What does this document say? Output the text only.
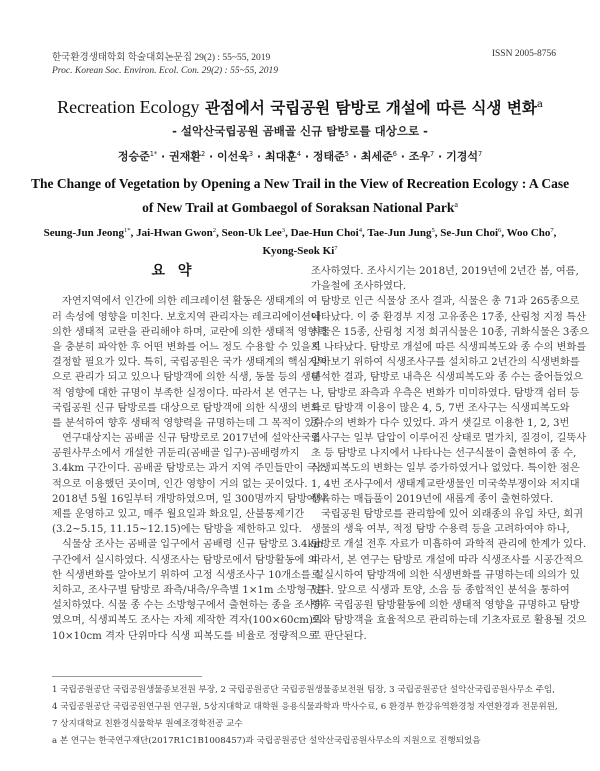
한국환경생태학회 학술대회논문집 29(2) : 55~55, 2019
Proc. Korean Soc. Environ. Ecol. Con. 29(2) : 55~55, 2019
ISSN 2005-8756
Recreation Ecology 관점에서 국립공원 탐방로 개설에 따른 식생 변화$^a$
- 설악산국립공원 곰배골 신규 탐방로를 대상으로 -
정승준$^{1*}$ · 권재환$^2$ · 이선욱$^3$ · 최대훈$^4$ · 정태준$^5$ · 최세준$^6$ · 조우$^7$ · 기경석$^7$
The Change of Vegetation by Opening a New Trail in the View of Recreation Ecology : A Case
of New Trail at Gombaegol of Soraksan National Park$^a$
Seung-Jun Jeong$^{1*}$, Jai-Hwan Gwon$^2$, Seon-Uk Lee$^3$, Dae-Hun Choi$^4$, Tae-Jun Jung$^5$, Se-Jun Choi$^6$, Woo Cho$^7$,
Kyong-Seok Ki$^7$
요 약
자연지역에서 인간에 의한 레크레이션 활동은 생태계의 여
러 속성에 영향을 미친다. 보호지역 관리자는 레크리에이션에
의한 생태적 교란을 관리해야 하며, 교란에 의한 생태적 영향력
을 충분히 파악한 후 어떤 변화를 어느 정도 수용할 수 있을지
결정할 필요가 있다. 특히, 국립공원은 국가 생태계의 핵심지역
으로 관리가 되고 있으나 탐방객에 의한 식생, 동물 등의 생태
적 영향에 대한 규명이 부족한 실정이다. 따라서 본 연구는
국립공원 신규 탐방로를 대상으로 탐방객에 의한 식생의 변화
를 분석하여 향후 생태적 영향력을 규명하는데 그 목적이 있다.
연구대상지는 곰배골 신규 탐방로로 2017년에 설악산국립
공원사무소에서 개설한 귀둔리(곰배골 입구)-곰배령까지
3.4km 구간이다. 곰배골 탐방로는 과거 지역 주민들만이 극소
적으로 이용했던 곳이며, 인간 영향이 거의 없는 곳이었다.
2018년 5월 16일부터 개방하였으며, 일 300명까지 탐방예약
제를 운영하고 있고, 매주 월요일과 화요일, 산불통제기간
(3.2~5.15, 11.15~12.15)에는 탐방을 제한하고 있다.
식물상 조사는 곰배골 입구에서 곰배령 신규 탐방로 3.4km
구간에서 실시하였다. 식생조사는 탐방로에서 탐방활동에 의
한 식생변화를 알아보기 위하여 고정 식생조사구 10개소를 설
치하고, 조사구별 탐방로 좌측/내측/우측별 1×1m 소방형구를
설치하였다. 식물 종 수는 소방형구에서 출현하는 종을 조사하
였으며, 식생피복도 조사는 자체 제작한 격자(100×60cm)의
10×10cm 격자 단위마다 식생 피복도를 비율로 정량적으로
조사하였다. 조사시기는 2018년, 2019년에 2년간 봄, 여름,
가을철에 조사하였다.
탐방로 인근 식물상 조사 결과, 식물은 총 71과 265종으로
나타났다. 이 중 환경부 지정 고유종은 17종, 산림청 지정 특산
식물은 15종, 산림청 지정 희귀식물은 10종, 귀화식물은 3종으
로 나타났다. 탐방로 개설에 따른 식생피복도와 종 수의 변화를
알아보기 위하여 식생조사구를 설치하고 2년간의 식생변화를
분석한 결과, 탐방로 내측은 식생피복도와 종 수는 줄어들었으
나, 탐방로 좌측과 우측은 변화가 미미하였다. 탐방객 쉼터 등
으로 탐방객 이용이 많은 4, 5, 7번 조사구는 식생피복도와
종 수의 변화가 다수 있었다. 과거 샛길로 이용한 1, 2, 3번
조사구는 일부 답압이 이루어진 상태로 멸가치, 질경이, 길뚝사
초 등 탐방로 나지에서 나타나는 선구식물이 출현하여 종 수,
식생피복도의 변화는 일부 증가하였거나 없었다. 특이한 점은
1, 4번 조사구에서 생태계교란생물인 미국쑥부쟁이와 저지대
생육하는 매듭풀이 2019년에 새롭게 종이 출현하였다.
국립공원 탐방로를 관리함에 있어 외래종의 유입 차단, 희귀
생물의 생육 여부, 적정 탐방 수용력 등을 고려하여야 하나,
탐방로 개설 전후 자료가 미흡하여 과학적 관리에 한계가 있다.
따라서, 본 연구는 탐방로 개설에 따라 식생조사를 시공간적으
로 실시하여 탐방객에 의한 식생변화를 규명하는데 의의가 있
었다. 앞으로 식생과 토양, 소음 등 종합적인 분석을 통하여
향후 국립공원 탐방활동에 의한 생태적 영향을 규명하고 탐방
로와 탐방객을 효율적으로 관리하는데 기초자료로 활용될 것으
로 판단된다.
1 국립공원공단 국립공원생물종보전원 부장, 2 국립공원공단 국립공원생물종보전원 팀장, 3 국립공원공단 설악산국립공원사무소 주임,
4 국립공원공단 국립공원연구원 연구원, 5상지대학교 대학원 응용식물과학과 박사수료, 6 환경부 한강유역환경청 자연환경과 전문위원,
7 상지대학교 친환경식물학부 원예조경학전공 교수
a 본 연구는 한국연구재단(2017R1C1B1008457)과 국립공원공단 설악산국립공원사무소의 지원으로 진행되었음
